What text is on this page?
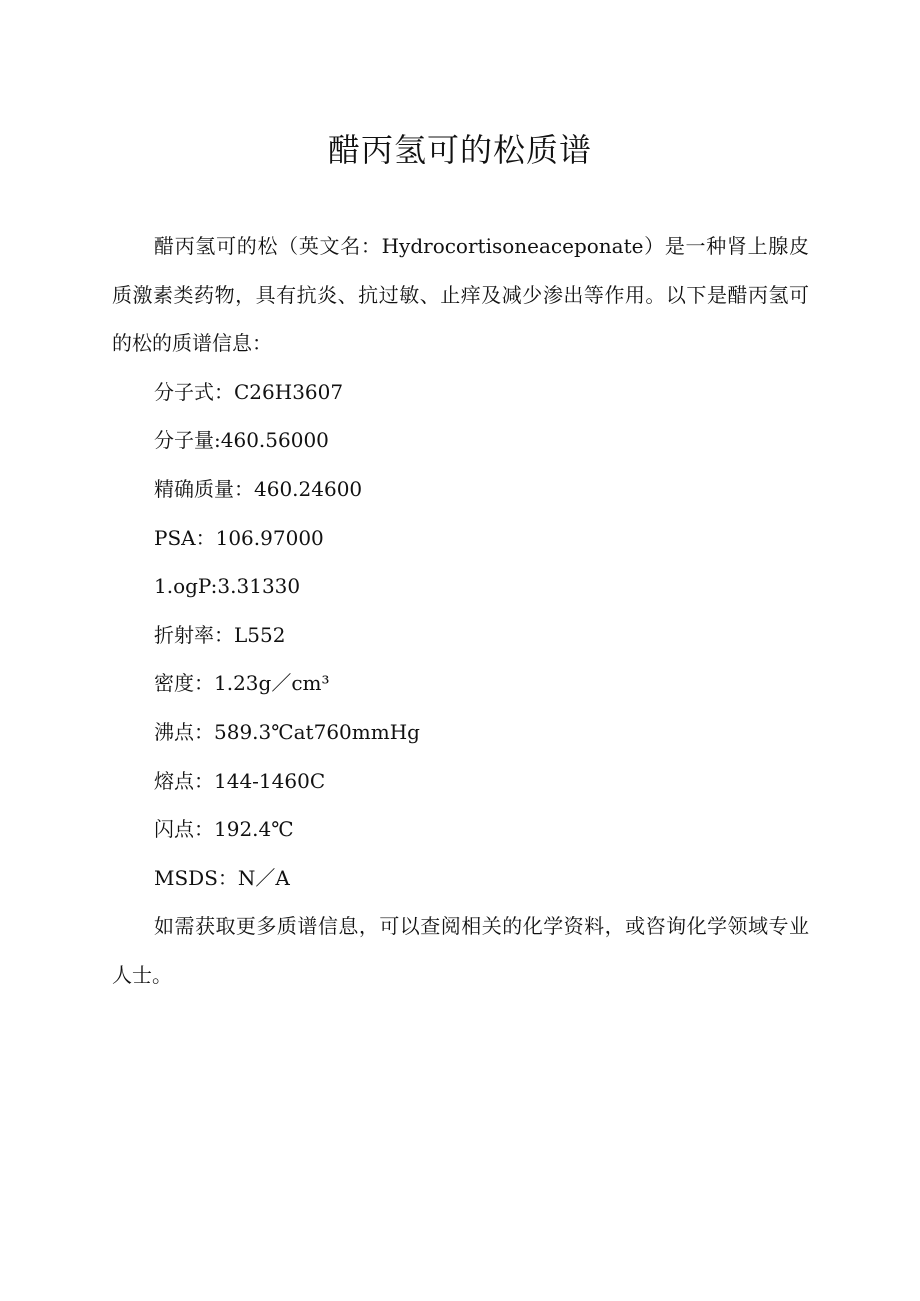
醋丙氢可的松质谱

醋丙氢可的松（英文名：Hydrocortisoneaceponate）是一种肾上腺皮质激素类药物，具有抗炎、抗过敏、止痒及减少渗出等作用。以下是醋丙氢可的松的质谱信息：

分子式：C26H3607

分子量:460.56000

精确质量：460.24600

PSA：106.97000

1.ogP:3.31330

折射率：L552

密度：1.23g／cm³

沸点：589.3℃at760mmHg

熔点：144-1460C

闪点：192.4℃

MSDS：N／A

如需获取更多质谱信息，可以查阅相关的化学资料，或咨询化学领域专业人士。
